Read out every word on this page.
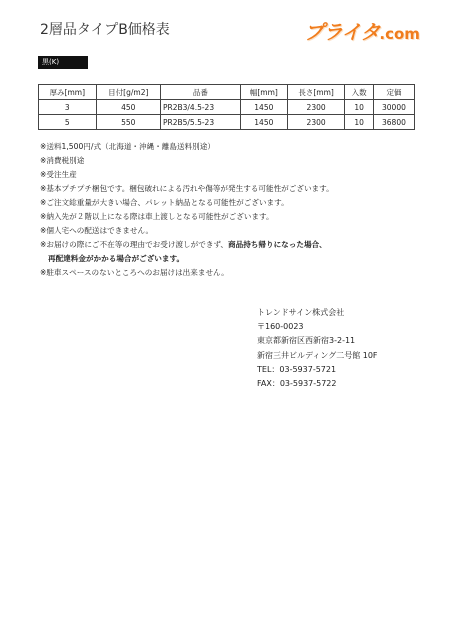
2層品タイプB価格表	プライタ.com
黒(K)
厚み[mm]	目付[g/m2]	品番	幅[mm]	長さ[mm]	入数	定価
3	450	PR2B3/4.5-23	1450	2300	10	30000
5	550	PR2B5/5.5-23	1450	2300	10	36800
※送料1,500円/式（北海道・沖縄・離島送料別途）
※消費税別途
※受注生産
※基本プチプチ梱包です。梱包破れによる汚れや傷等が発生する可能性がございます。
※ご注文総重量が大きい場合、パレット納品となる可能性がございます。
※納入先が２階以上になる際は車上渡しとなる可能性がございます。
※個人宅への配送はできません。
※お届けの際にご不在等の理由でお受け渡しができず、商品持ち帰りになった場合、
再配達料金がかかる場合がございます。
※駐車スペースのないところへのお届けは出来ません。
トレンドサイン株式会社
〒160-0023
東京都新宿区西新宿3-2-11
新宿三井ビルディング二号館 10F
TEL：03-5937-5721
FAX：03-5937-5722
